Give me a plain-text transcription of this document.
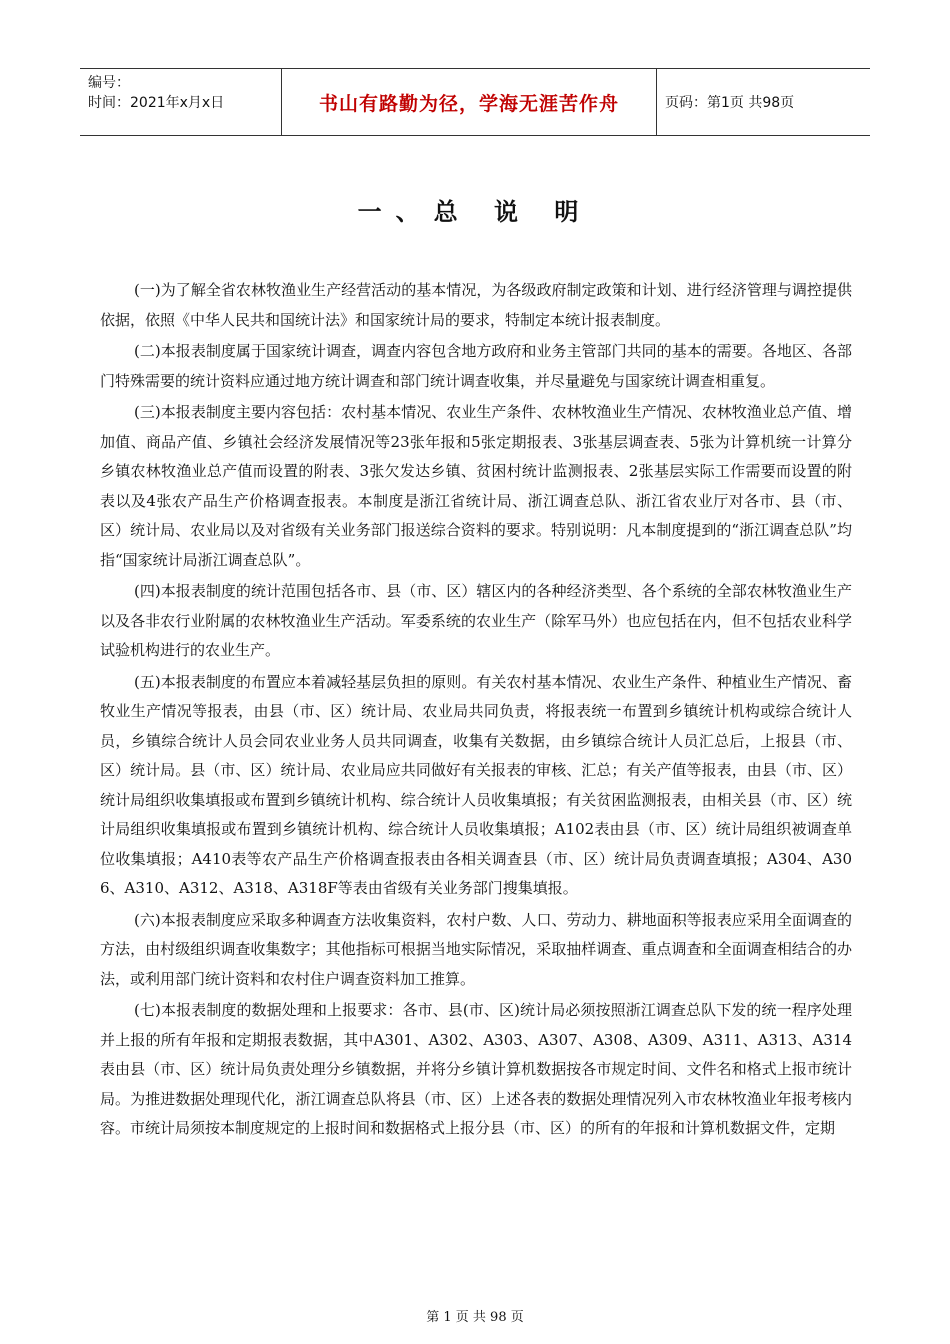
编号：
时间：2021年x月x日	书山有路勤为径，学海无涯苦作舟	页码：第1页 共98页
一、总 说 明

(一)为了解全省农林牧渔业生产经营活动的基本情况，为各级政府制定政策和计划、进行经济管理与调控提供依据，依照《中华人民共和国统计法》和国家统计局的要求，特制定本统计报表制度。

(二)本报表制度属于国家统计调查，调查内容包含地方政府和业务主管部门共同的基本的需要。各地区、各部门特殊需要的统计资料应通过地方统计调查和部门统计调查收集，并尽量避免与国家统计调查相重复。

(三)本报表制度主要内容包括：农村基本情况、农业生产条件、农林牧渔业生产情况、农林牧渔业总产值、增加值、商品产值、乡镇社会经济发展情况等23张年报和5张定期报表、3张基层调查表、5张为计算机统一计算分乡镇农林牧渔业总产值而设置的附表、3张欠发达乡镇、贫困村统计监测报表、2张基层实际工作需要而设置的附表以及4张农产品生产价格调查报表。本制度是浙江省统计局、浙江调查总队、浙江省农业厅对各市、县（市、区）统计局、农业局以及对省级有关业务部门报送综合资料的要求。特别说明：凡本制度提到的“浙江调查总队”均指“国家统计局浙江调查总队”。

(四)本报表制度的统计范围包括各市、县（市、区）辖区内的各种经济类型、各个系统的全部农林牧渔业生产以及各非农行业附属的农林牧渔业生产活动。军委系统的农业生产（除军马外）也应包括在内，但不包括农业科学试验机构进行的农业生产。

(五)本报表制度的布置应本着减轻基层负担的原则。有关农村基本情况、农业生产条件、种植业生产情况、畜牧业生产情况等报表，由县（市、区）统计局、农业局共同负责，将报表统一布置到乡镇统计机构或综合统计人员，乡镇综合统计人员会同农业业务人员共同调查，收集有关数据，由乡镇综合统计人员汇总后，上报县（市、区）统计局。县（市、区）统计局、农业局应共同做好有关报表的审核、汇总；有关产值等报表，由县（市、区）统计局组织收集填报或布置到乡镇统计机构、综合统计人员收集填报；有关贫困监测报表，由相关县（市、区）统计局组织收集填报或布置到乡镇统计机构、综合统计人员收集填报；A102表由县（市、区）统计局组织被调查单位收集填报；A410表等农产品生产价格调查报表由各相关调查县（市、区）统计局负责调查填报；A304、A306、A310、A312、A318、A318F等表由省级有关业务部门搜集填报。

(六)本报表制度应采取多种调查方法收集资料，农村户数、人口、劳动力、耕地面积等报表应采用全面调查的方法，由村级组织调查收集数字；其他指标可根据当地实际情况，采取抽样调查、重点调查和全面调查相结合的办法，或利用部门统计资料和农村住户调查资料加工推算。

(七)本报表制度的数据处理和上报要求：各市、县(市、区)统计局必须按照浙江调查总队下发的统一程序处理并上报的所有年报和定期报表数据，其中A301、A302、A303、A307、A308、A309、A311、A313、A314表由县（市、区）统计局负责处理分乡镇数据，并将分乡镇计算机数据按各市规定时间、文件名和格式上报市统计局。为推进数据处理现代化，浙江调查总队将县（市、区）上述各表的数据处理情况列入市农林牧渔业年报考核内容。市统计局须按本制度规定的上报时间和数据格式上报分县（市、区）的所有的年报和计算机数据文件，定期

第 1 页 共 98 页
